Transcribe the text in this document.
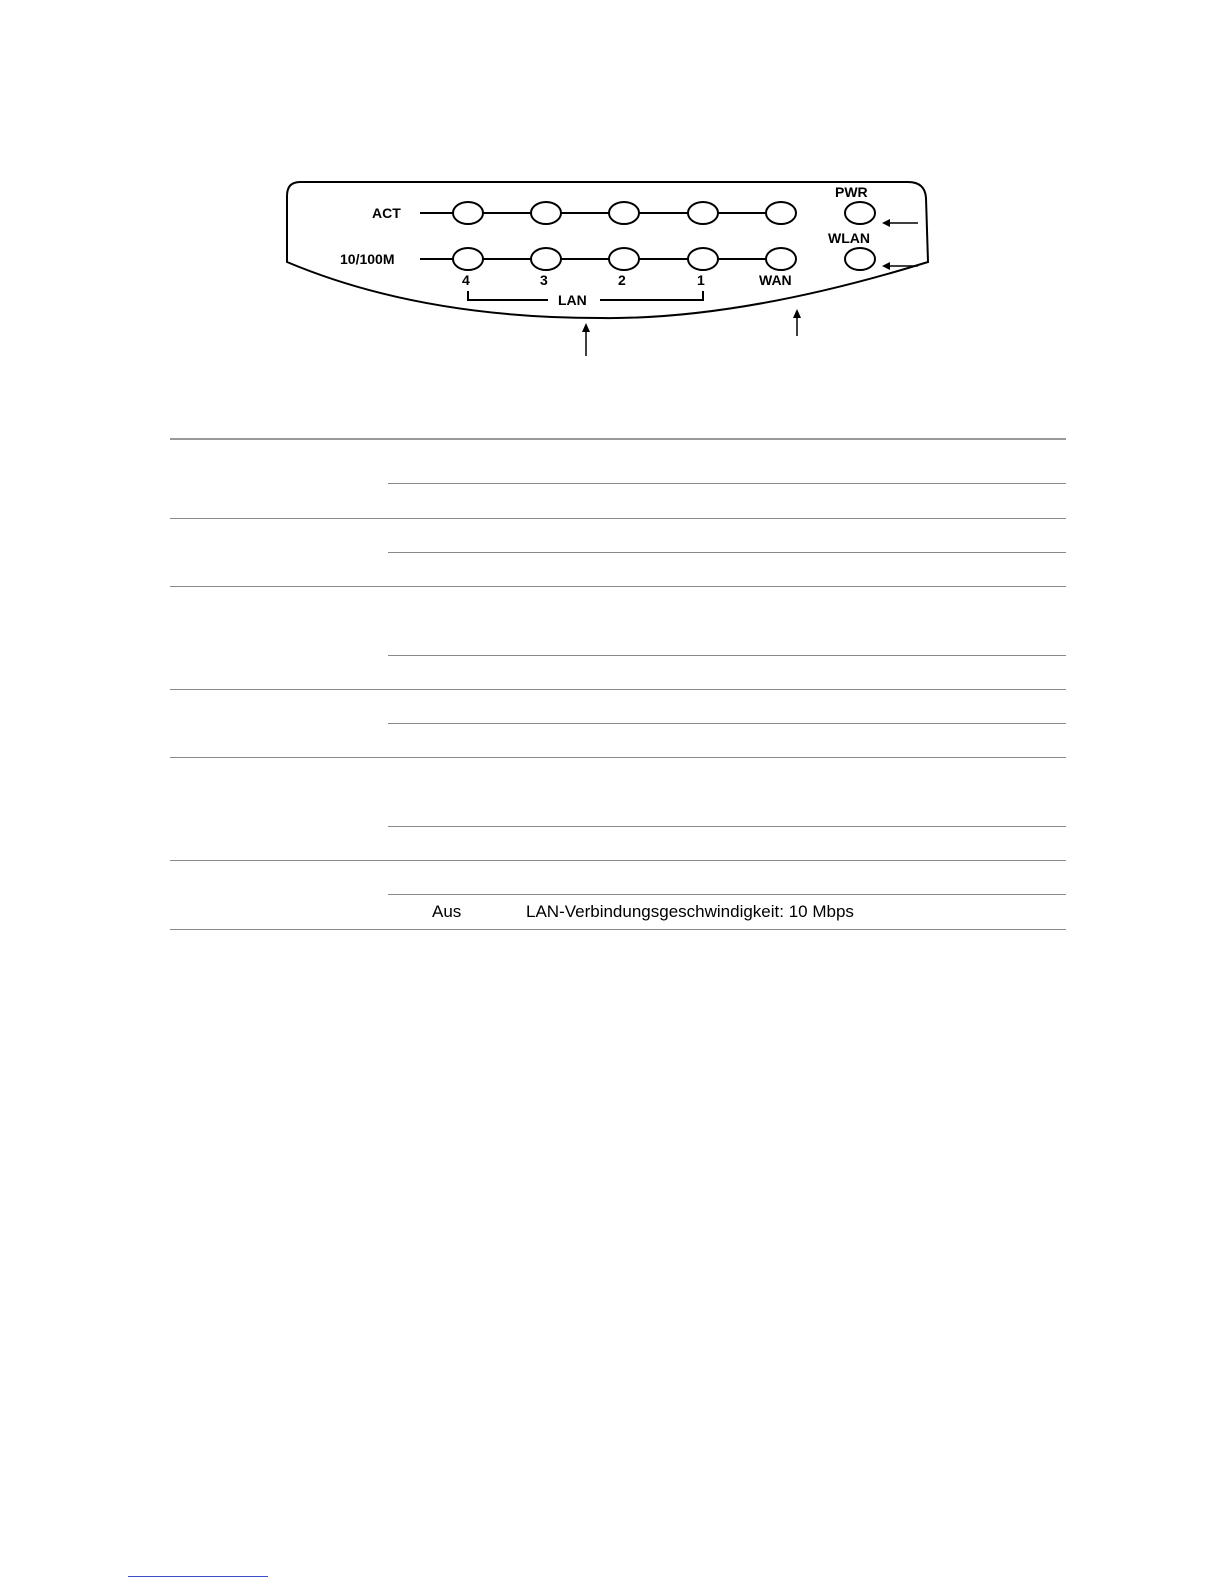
ACT
10/100M
4	3	2	1	WAN
LAN
PWR
WLAN
Aus	LAN-Verbindungsgeschwindigkeit: 10 Mbps
